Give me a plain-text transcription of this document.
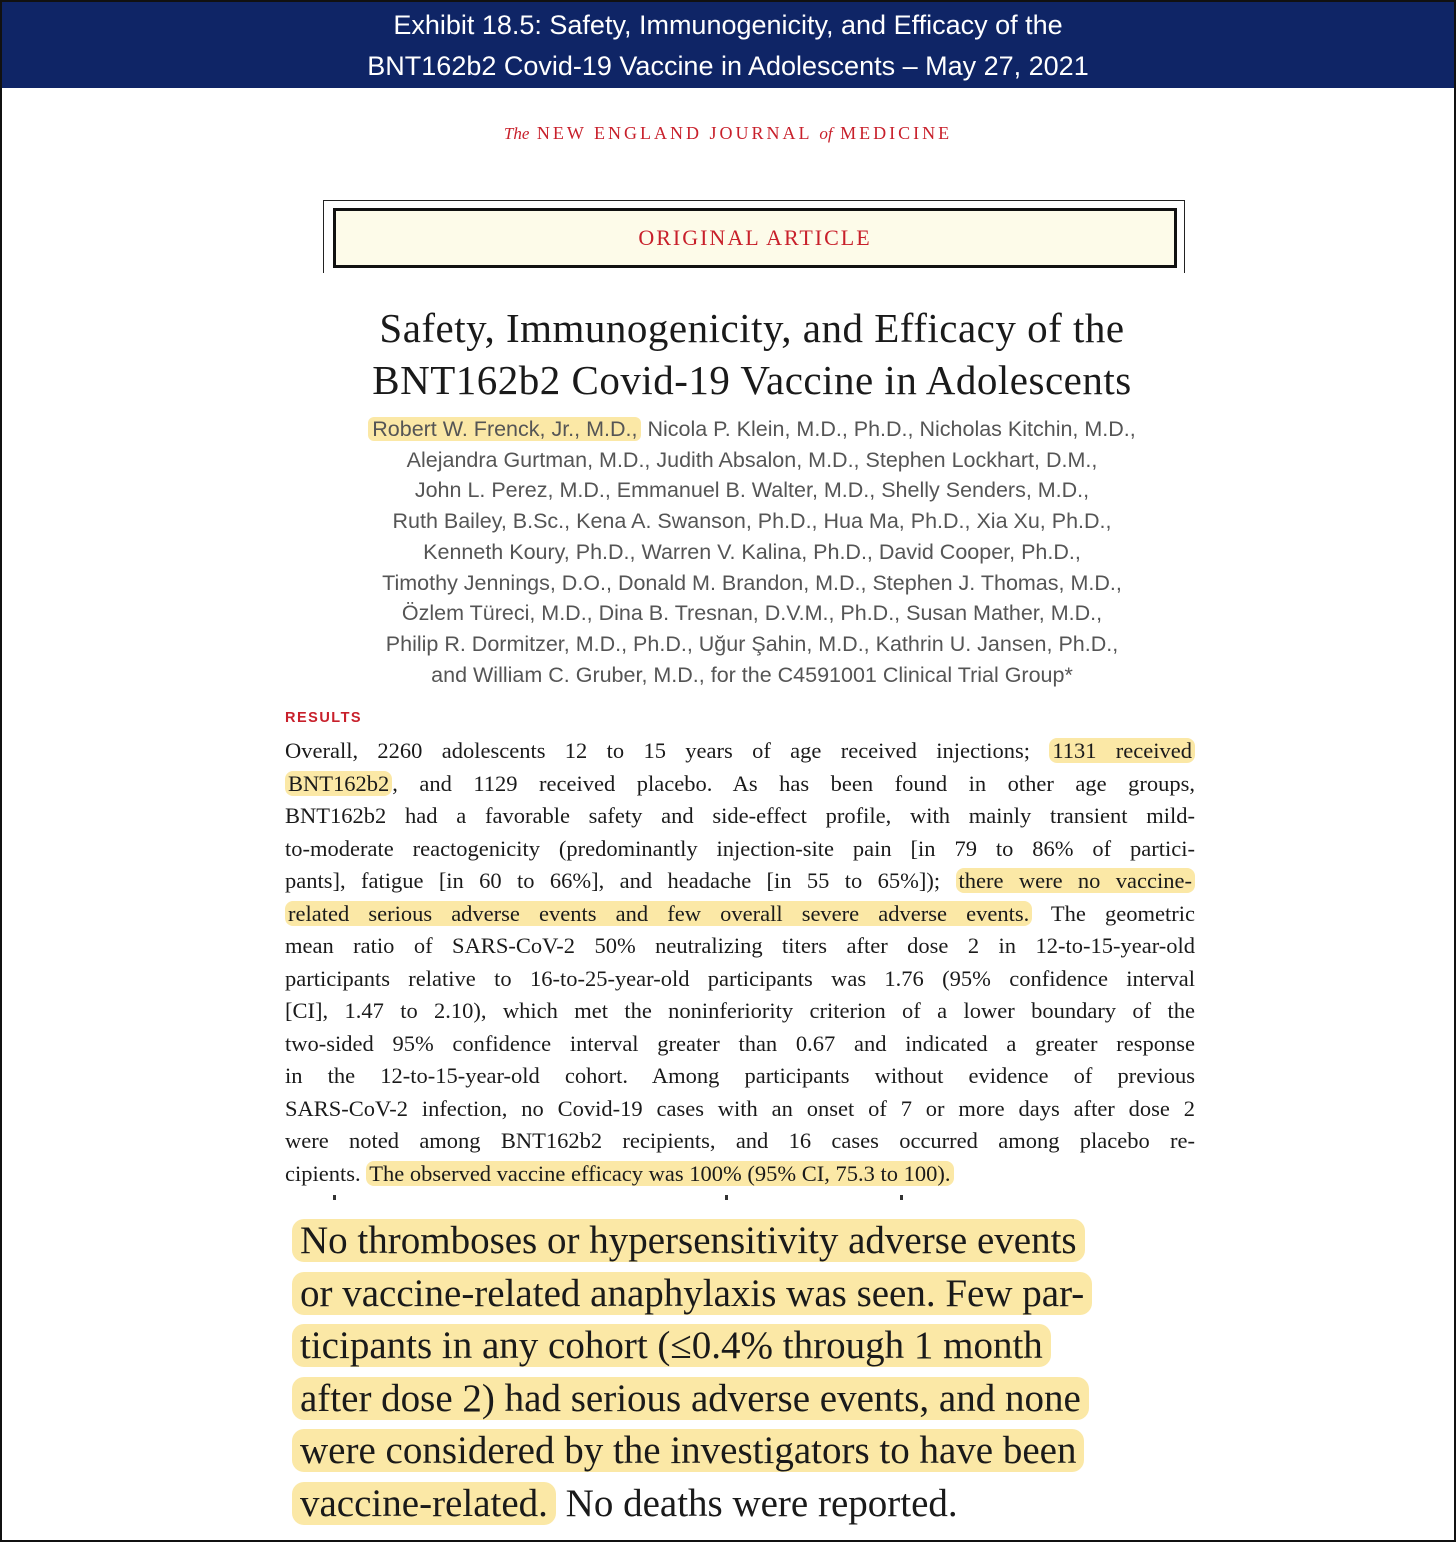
Exhibit 18.5: Safety, Immunogenicity, and Efficacy of the
BNT162b2 Covid-19 Vaccine in Adolescents – May 27, 2021
The NEW ENGLAND JOURNAL of MEDICINE
ORIGINAL ARTICLE
Safety, Immunogenicity, and Efficacy of the
BNT162b2 Covid-19 Vaccine in Adolescents
Robert W. Frenck, Jr., M.D., Nicola P. Klein, M.D., Ph.D., Nicholas Kitchin, M.D.,
Alejandra Gurtman, M.D., Judith Absalon, M.D., Stephen Lockhart, D.M.,
John L. Perez, M.D., Emmanuel B. Walter, M.D., Shelly Senders, M.D.,
Ruth Bailey, B.Sc., Kena A. Swanson, Ph.D., Hua Ma, Ph.D., Xia Xu, Ph.D.,
Kenneth Koury, Ph.D., Warren V. Kalina, Ph.D., David Cooper, Ph.D.,
Timothy Jennings, D.O., Donald M. Brandon, M.D., Stephen J. Thomas, M.D.,
Özlem Türeci, M.D., Dina B. Tresnan, D.V.M., Ph.D., Susan Mather, M.D.,
Philip R. Dormitzer, M.D., Ph.D., Uğur Şahin, M.D., Kathrin U. Jansen, Ph.D.,
and William C. Gruber, M.D., for the C4591001 Clinical Trial Group*
RESULTS
Overall, 2260 adolescents 12 to 15 years of age received injections; 1131 received
BNT162b2 , and 1129 received placebo. As has been found in other age groups,
BNT162b2 had a favorable safety and side-effect profile, with mainly transient mild-
to-moderate reactogenicity (predominantly injection-site pain [in 79 to 86% of partici-
pants], fatigue [in 60 to 66%], and headache [in 55 to 65%]); there were no vaccine-
related serious adverse events and few overall severe adverse events. The geometric
mean ratio of SARS-CoV-2 50% neutralizing titers after dose 2 in 12-to-15-year-old
participants relative to 16-to-25-year-old participants was 1.76 (95% confidence interval
[CI], 1.47 to 2.10), which met the noninferiority criterion of a lower boundary of the
two-sided 95% confidence interval greater than 0.67 and indicated a greater response
in the 12-to-15-year-old cohort. Among participants without evidence of previous
SARS-CoV-2 infection, no Covid-19 cases with an onset of 7 or more days after dose 2
were noted among BNT162b2 recipients, and 16 cases occurred among placebo re-
cipients. The observed vaccine efficacy was 100% (95% CI, 75.3 to 100).
No thromboses or hypersensitivity adverse events
or vaccine-related anaphylaxis was seen. Few par-
ticipants in any cohort (≤0.4% through 1 month
after dose 2) had serious adverse events, and none
were considered by the investigators to have been
vaccine-related. No deaths were reported.
